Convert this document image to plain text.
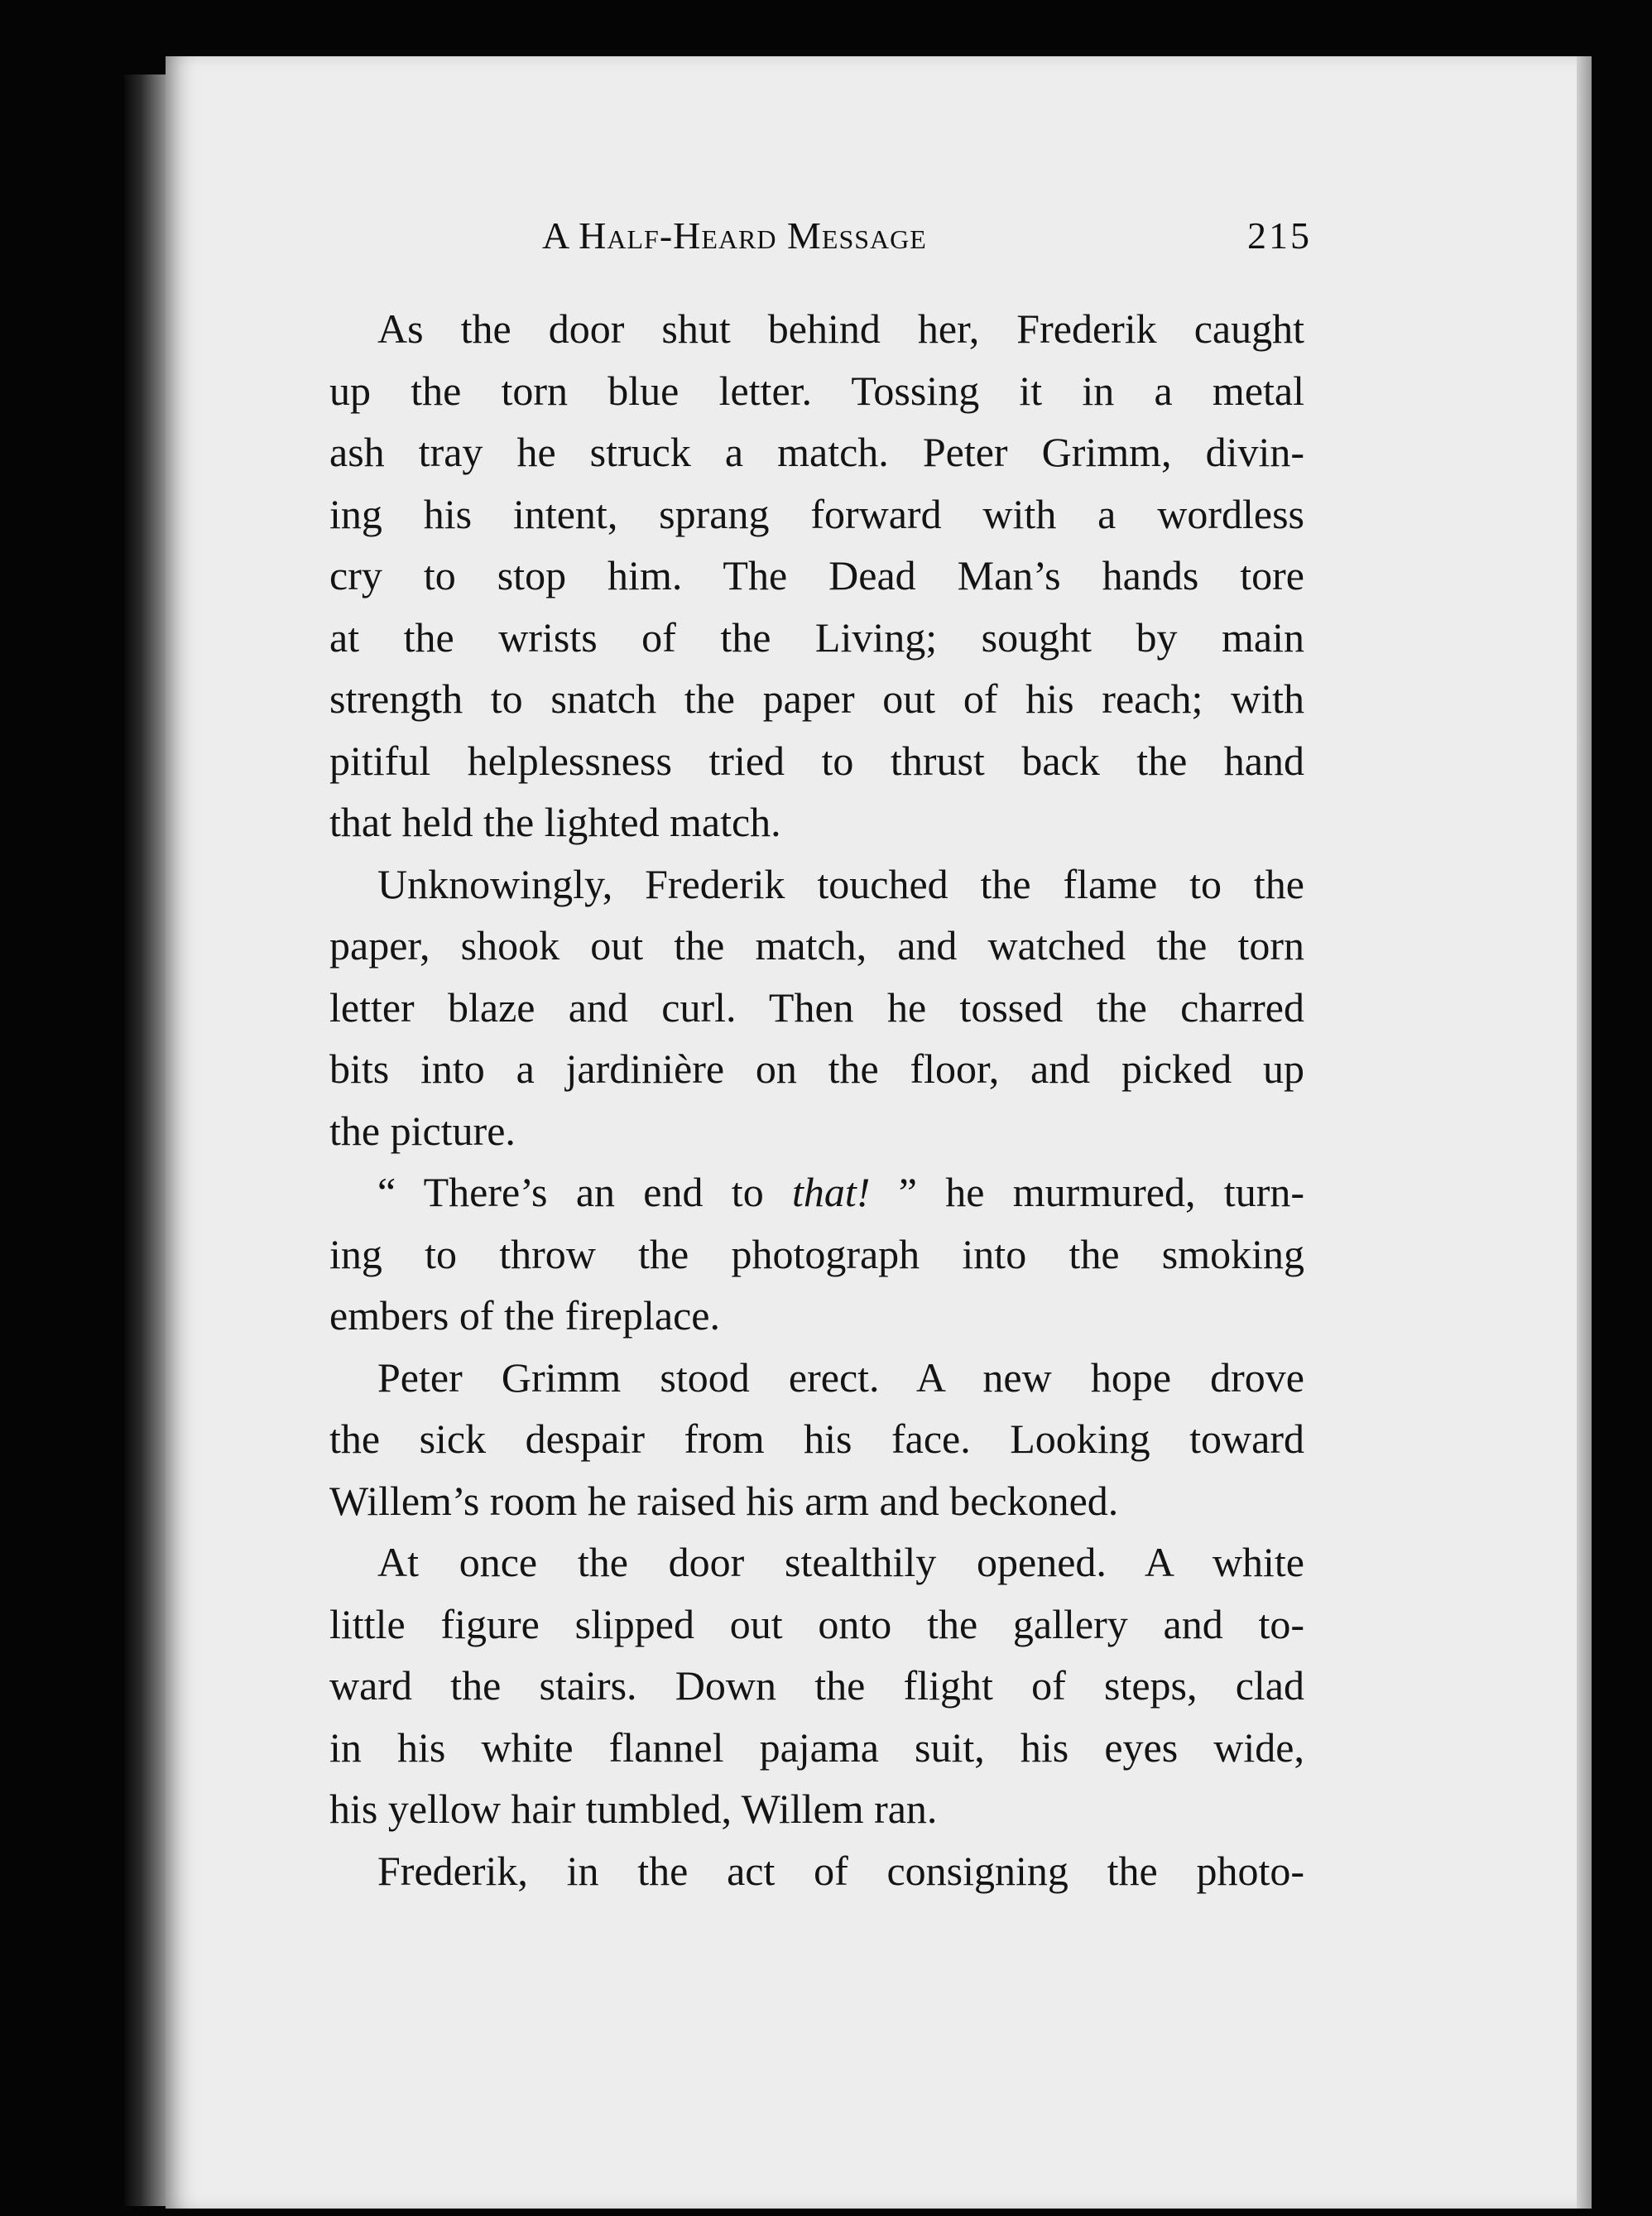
A Half-Heard Message	215
As the door shut behind her, Frederik caught
up the torn blue letter. Tossing it in a metal
ash tray he struck a match. Peter Grimm, divin-
ing his intent, sprang forward with a wordless
cry to stop him. The Dead Man’s hands tore
at the wrists of the Living; sought by main
strength to snatch the paper out of his reach; with
pitiful helplessness tried to thrust back the hand
that held the lighted match.
Unknowingly, Frederik touched the flame to the
paper, shook out the match, and watched the torn
letter blaze and curl. Then he tossed the charred
bits into a jardinière on the floor, and picked up
the picture.
“ There’s an end to that! ” he murmured, turn-
ing to throw the photograph into the smoking
embers of the fireplace.
Peter Grimm stood erect. A new hope drove
the sick despair from his face. Looking toward
Willem’s room he raised his arm and beckoned.
At once the door stealthily opened. A white
little figure slipped out onto the gallery and to-
ward the stairs. Down the flight of steps, clad
in his white flannel pajama suit, his eyes wide,
his yellow hair tumbled, Willem ran.
Frederik, in the act of consigning the photo-
